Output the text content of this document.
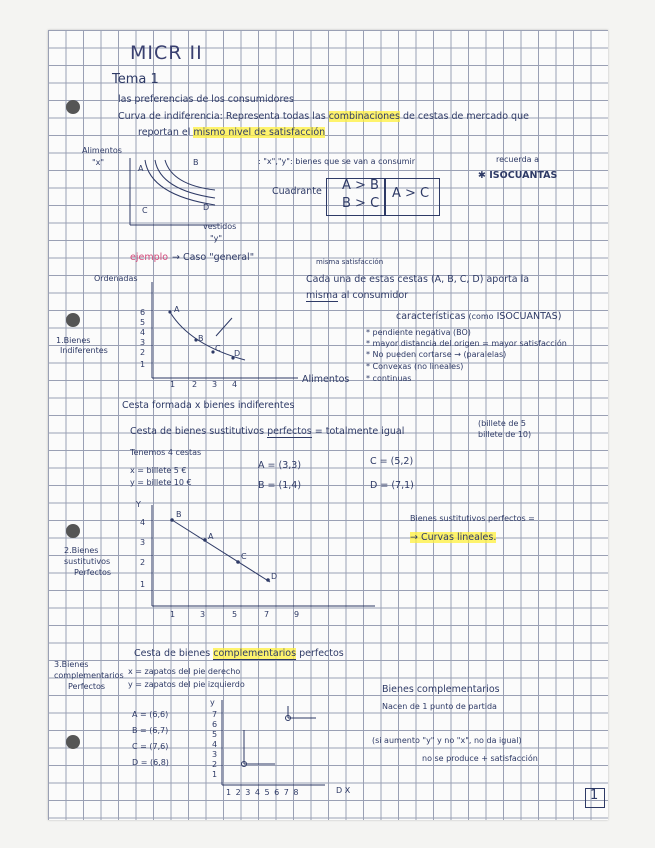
MICR II
Tema 1
las preferencias de los consumidores
Curva de indiferencia: Representa todas las combinaciones de cestas de mercado que
reportan el mismo nivel de satisfacción
Alimentos
"x"
A
B
C	D
vestidos
"y"
: "x","y": bienes que se van a consumir	recuerda a
✱ ISOCUANTAS
Cuadrante A > B
B > C
A > C
ejemplo → Caso "general"
Ordenadas
6
5
4
3
2
1
1 2 3 4
A
B
C
D
Alimentos
1.Bienes
Indiferentes
misma satisfacción
Cada una de estas cestas (A, B, C, D) aporta la
misma al consumidor
características (como ISOCUANTAS)
* pendiente negativa (BO)
* mayor distancia del origen = mayor satisfacción
* No pueden cortarse → (paralelas)
* Convexas (no lineales)
* continuas
Cesta formada x bienes indiferentes
Cesta de bienes sustitutivos perfectos = totalmente igual
(billete de 5
billete de 10)
Tenemos 4 cestas
x = billete 5 €
y = billete 10 €
A = (3,3)
B = (1,4)
C = (5,2)
D = (7,1)
Y
4
3
2
1
1	3	5	7	9
B
A
C
D
Bienes sustitutivos perfectos =
→ Curvas lineales.
2.Bienes
sustitutivos
Perfectos
Cesta de bienes complementarios perfectos
x = zapatos del pie derecho
y = zapatos del pie izquierdo
A = (6,6)
B = (6,7)
C = (7,6)
D = (6,8)
y
7
6
5
4
3
2
1
1 2 3 4 5 6 7 8	D X
Bienes complementarios
Nacen de 1 punto de partida
(si aumento "y" y no "x", no da igual)
no se produce + satisfacción
3.Bienes
complementarios
Perfectos
1
